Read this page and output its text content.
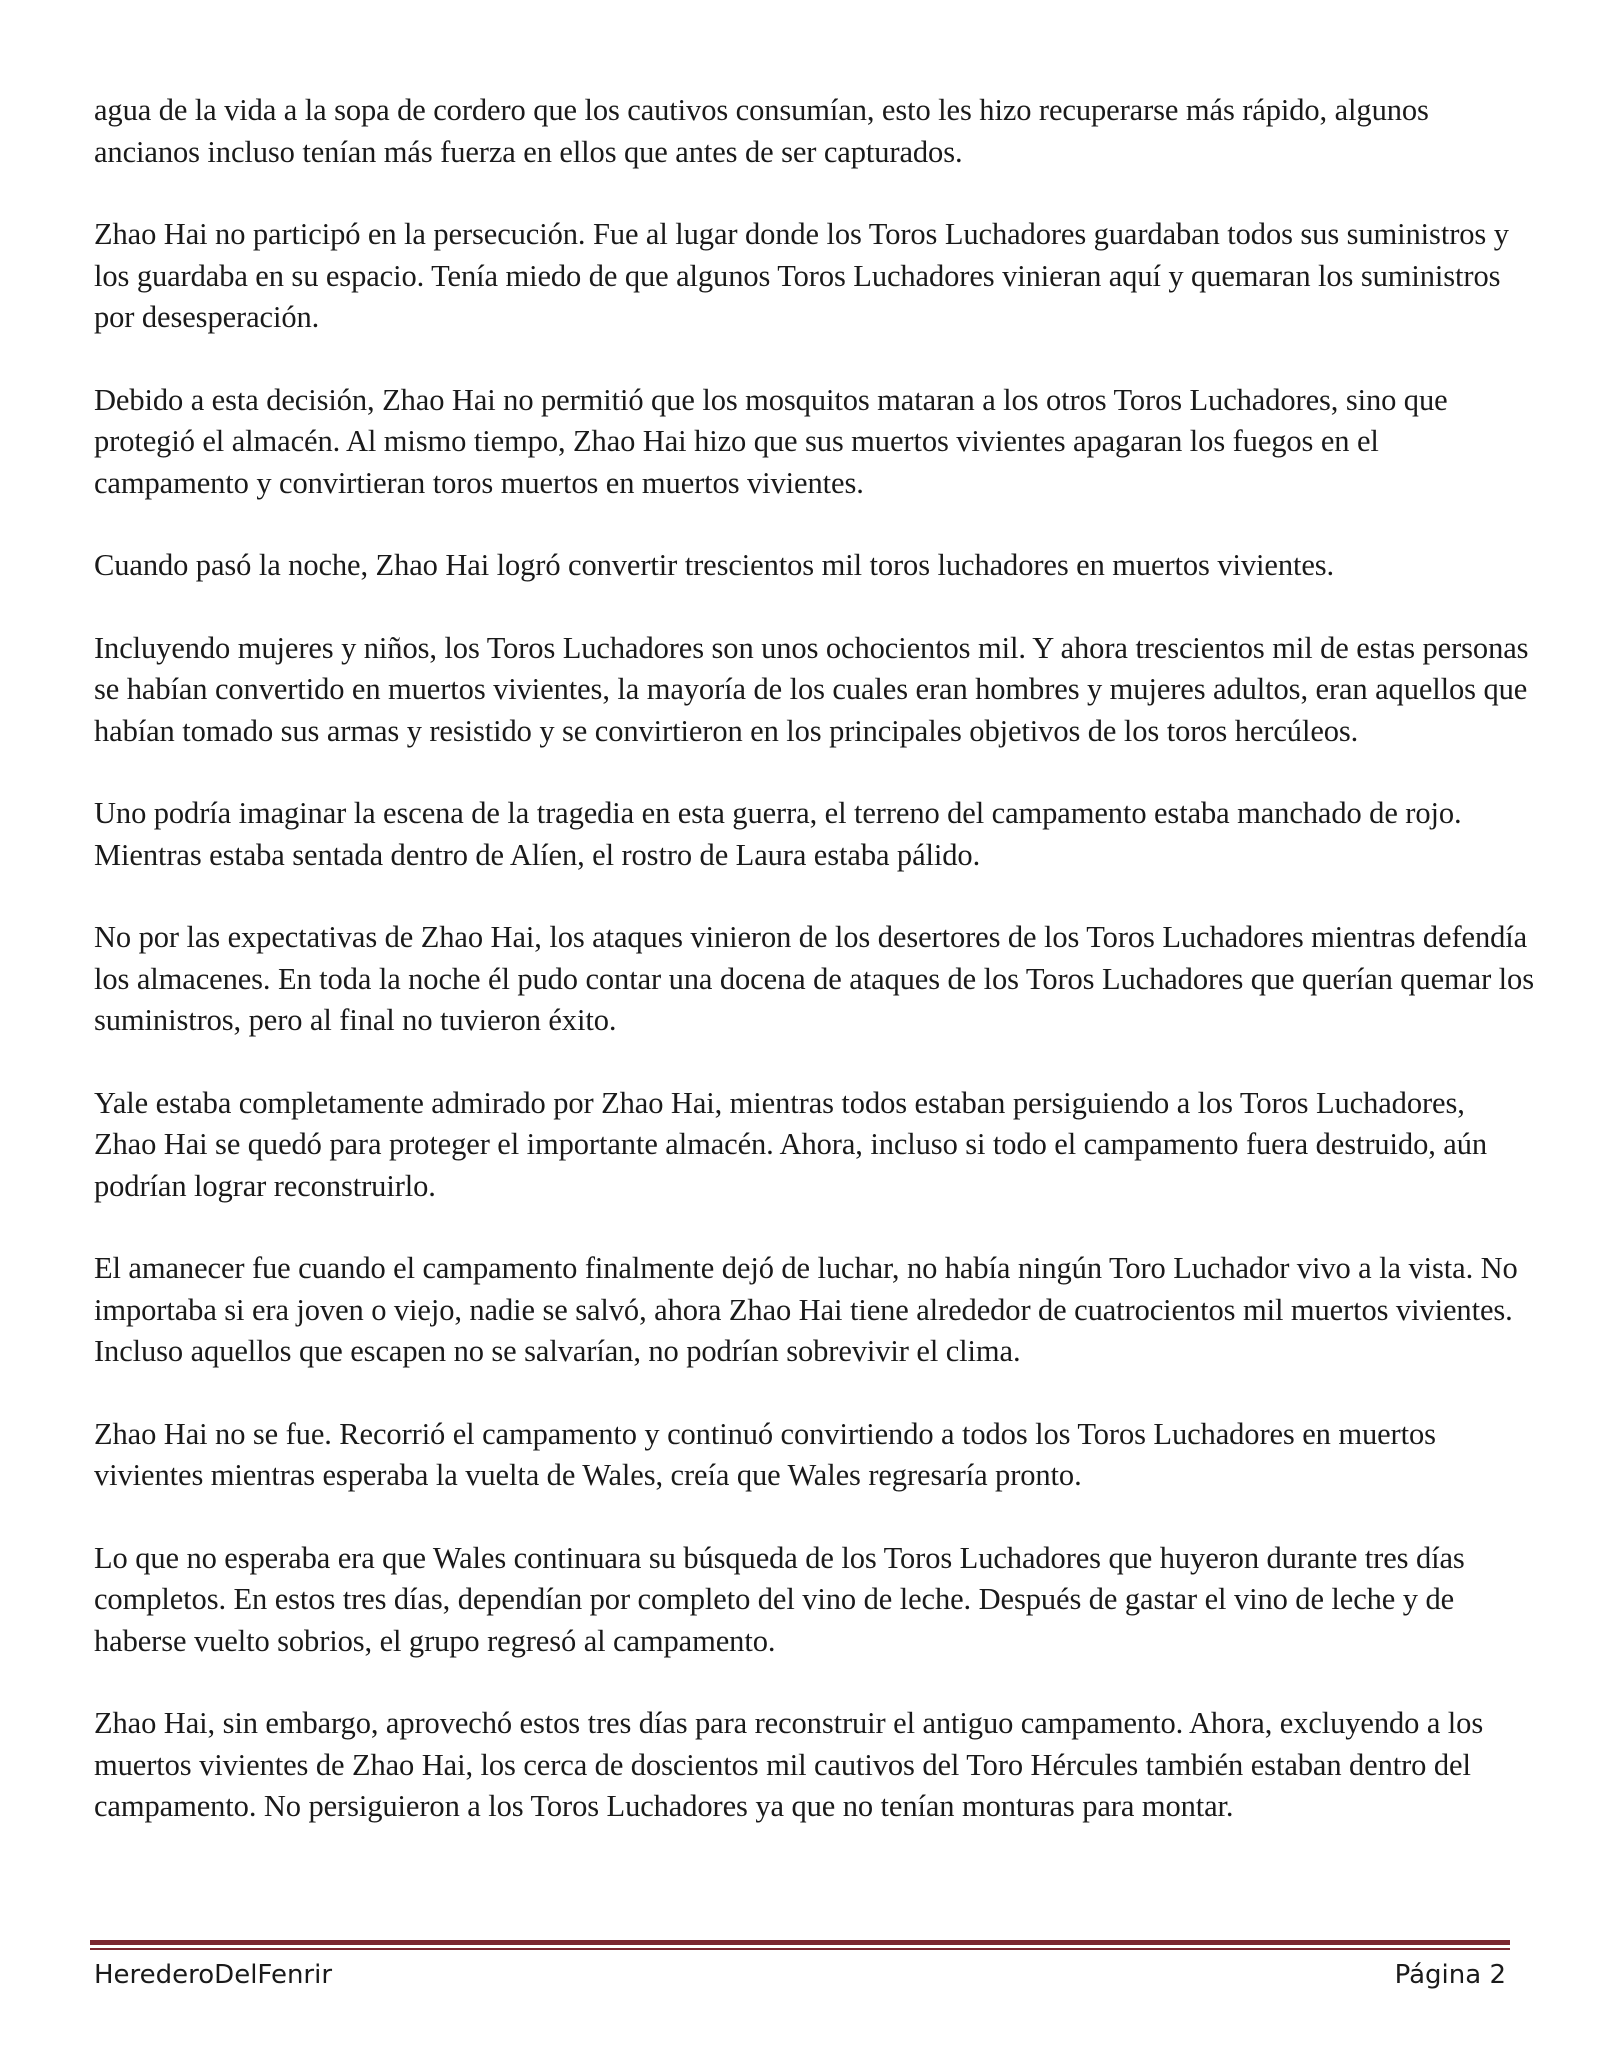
agua de la vida a la sopa de cordero que los cautivos consumían, esto les hizo recuperarse más rápido, algunos ancianos incluso tenían más fuerza en ellos que antes de ser capturados.

Zhao Hai no participó en la persecución. Fue al lugar donde los Toros Luchadores guardaban todos sus suministros y los guardaba en su espacio. Tenía miedo de que algunos Toros Luchadores vinieran aquí y quemaran los suministros por desesperación.

Debido a esta decisión, Zhao Hai no permitió que los mosquitos mataran a los otros Toros Luchadores, sino que protegió el almacén. Al mismo tiempo, Zhao Hai hizo que sus muertos vivientes apagaran los fuegos en el campamento y convirtieran toros muertos en muertos vivientes.

Cuando pasó la noche, Zhao Hai logró convertir trescientos mil toros luchadores en muertos vivientes.

Incluyendo mujeres y niños, los Toros Luchadores son unos ochocientos mil. Y ahora trescientos mil de estas personas se habían convertido en muertos vivientes, la mayoría de los cuales eran hombres y mujeres adultos, eran aquellos que habían tomado sus armas y resistido y se convirtieron en los principales objetivos de los toros hercúleos.

Uno podría imaginar la escena de la tragedia en esta guerra, el terreno del campamento estaba manchado de rojo. Mientras estaba sentada dentro de Alíen, el rostro de Laura estaba pálido.

No por las expectativas de Zhao Hai, los ataques vinieron de los desertores de los Toros Luchadores mientras defendía los almacenes. En toda la noche él pudo contar una docena de ataques de los Toros Luchadores que querían quemar los suministros, pero al final no tuvieron éxito.

Yale estaba completamente admirado por Zhao Hai, mientras todos estaban persiguiendo a los Toros Luchadores, Zhao Hai se quedó para proteger el importante almacén. Ahora, incluso si todo el campamento fuera destruido, aún podrían lograr reconstruirlo.

El amanecer fue cuando el campamento finalmente dejó de luchar, no había ningún Toro Luchador vivo a la vista. No importaba si era joven o viejo, nadie se salvó, ahora Zhao Hai tiene alrededor de cuatrocientos mil muertos vivientes. Incluso aquellos que escapen no se salvarían, no podrían sobrevivir el clima.

Zhao Hai no se fue. Recorrió el campamento y continuó convirtiendo a todos los Toros Luchadores en muertos vivientes mientras esperaba la vuelta de Wales, creía que Wales regresaría pronto.

Lo que no esperaba era que Wales continuara su búsqueda de los Toros Luchadores que huyeron durante tres días completos. En estos tres días, dependían por completo del vino de leche. Después de gastar el vino de leche y de haberse vuelto sobrios, el grupo regresó al campamento.

Zhao Hai, sin embargo, aprovechó estos tres días para reconstruir el antiguo campamento. Ahora, excluyendo a los muertos vivientes de Zhao Hai, los cerca de doscientos mil cautivos del Toro Hércules también estaban dentro del campamento. No persiguieron a los Toros Luchadores ya que no tenían monturas para montar.

HerederoDelFenrir	Página 2
